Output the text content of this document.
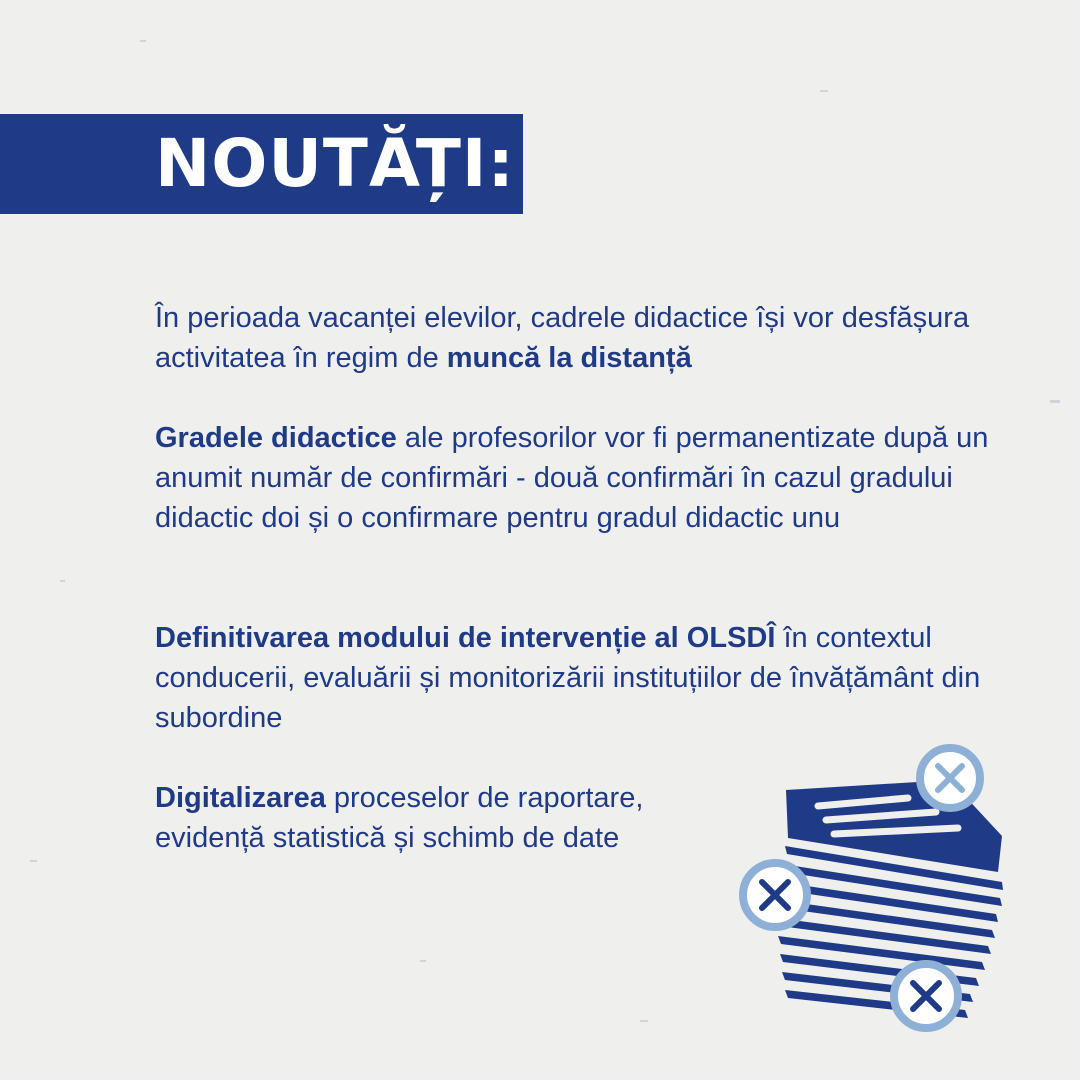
NOUTĂȚI:

În perioada vacanței elevilor, cadrele didactice își vor desfășura activitatea în regim de muncă la distanță

Gradele didactice ale profesorilor vor fi permanentizate după un anumit număr de confirmări - două confirmări în cazul gradului didactic doi și o confirmare pentru gradul didactic unu

Definitivarea modului de intervenție al OLSDÎ în contextul conducerii, evaluării și monitorizării instituțiilor de învățământ din subordine

Digitalizarea proceselor de raportare, evidență statistică și schimb de date
